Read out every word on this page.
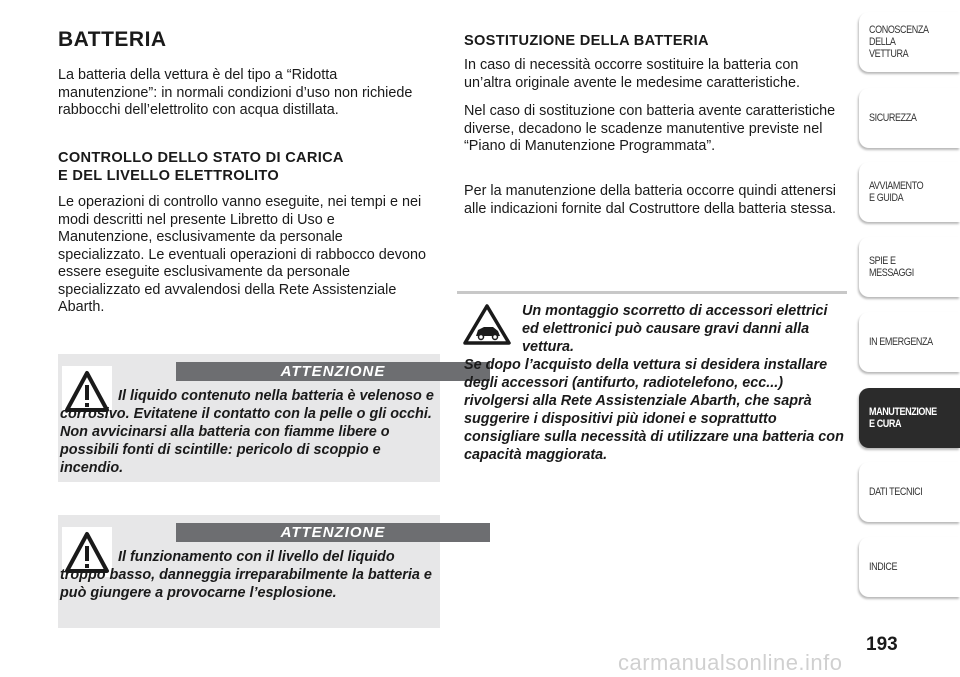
BATTERIA

La batteria della vettura è del tipo a “Ridotta manutenzione”: in normali condizioni d’uso non richiede rabbocchi dell’elettrolito con acqua distillata.

CONTROLLO DELLO STATO DI CARICA
E DEL LIVELLO ELETTROLITO

Le operazioni di controllo vanno eseguite, nei tempi e nei modi descritti nel presente Libretto di Uso e Manutenzione, esclusivamente da personale specializzato. Le eventuali operazioni di rabbocco devono essere eseguite esclusivamente da personale specializzato ed avvalendosi della Rete Assistenziale Abarth.

ATTENZIONE

Il liquido contenuto nella batteria è velenoso e corrosivo. Evitatene il contatto con la pelle o gli occhi. Non avvicinarsi alla batteria con fiamme libere o possibili fonti di scintille: pericolo di scoppio e incendio.

ATTENZIONE

Il funzionamento con il livello del liquido troppo basso, danneggia irreparabilmente la batteria e può giungere a provocarne l’esplosione.

SOSTITUZIONE DELLA BATTERIA

In caso di necessità occorre sostituire la batteria con un’altra originale avente le medesime caratteristiche.

Nel caso di sostituzione con batteria avente caratteristiche diverse, decadono le scadenze manutentive previste nel “Piano di Manutenzione Programmata”.

Per la manutenzione della batteria occorre quindi attenersi alle indicazioni fornite dal Costruttore della batteria stessa.

Un montaggio scorretto di accessori elettrici ed elettronici può causare gravi danni alla vettura.
Se dopo l’acquisto della vettura si desidera installare degli accessori (antifurto, radiotelefono, ecc...) rivolgersi alla Rete Assistenziale Abarth, che saprà suggerire i dispositivi più idonei e soprattutto consigliare sulla necessità di utilizzare una batteria con capacità maggiorata.

CONOSCENZA
DELLA
VETTURA
SICUREZZA
AVVIAMENTO
E GUIDA
SPIE E
MESSAGGI
IN EMERGENZA
MANUTENZIONE
E CURA
DATI TECNICI
INDICE
193
carmanualsonline.info
